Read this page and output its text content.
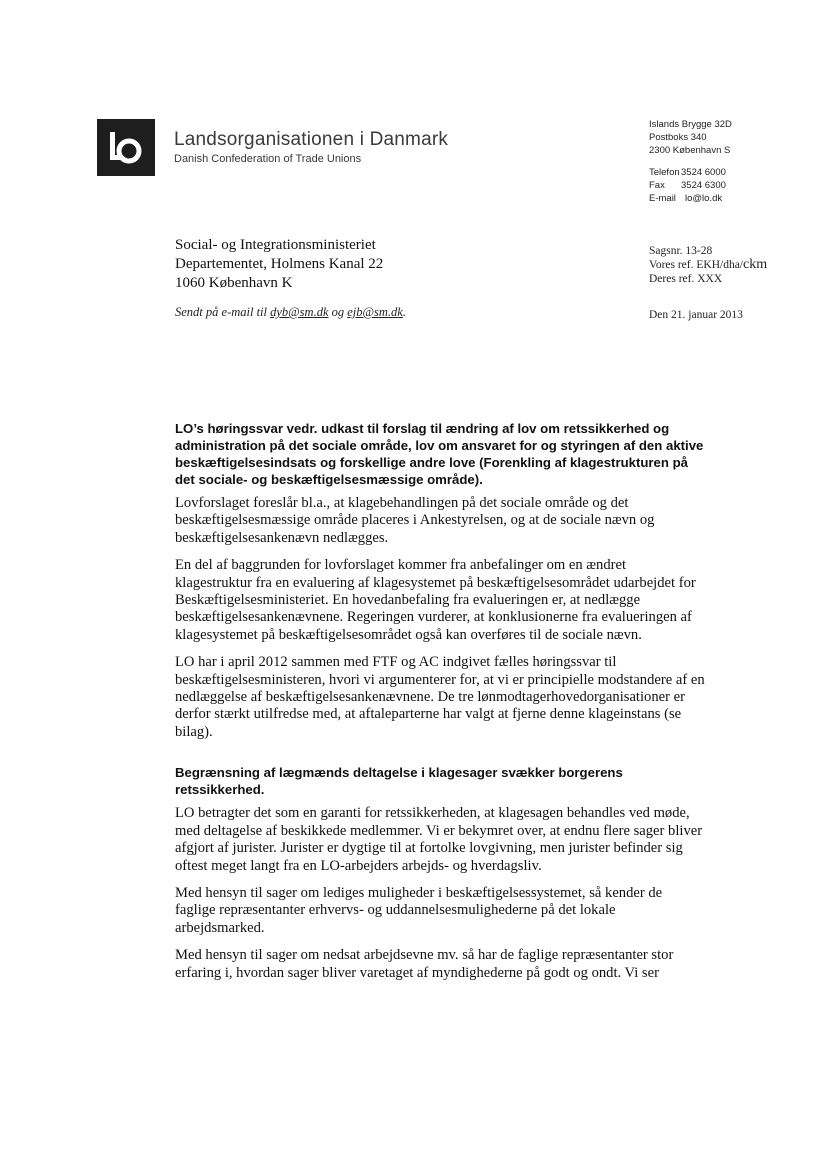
Landsorganisationen i Danmark
Danish Confederation of Trade Unions
Islands Brygge 32D
Postboks 340
2300 København S
Telefon3524 6000
Fax 3524 6300
E-mail lo@lo.dk
Social- og Integrationsministeriet
Departementet, Holmens Kanal 22
1060 København K
Sendt på e-mail til dyb@sm.dk og ejb@sm.dk.
Sagsnr. 13-28
Vores ref. EKH/dha/ckm
Deres ref. XXX
Den 21. januar 2013
LO’s høringssvar vedr. udkast til forslag til ændring af lov om retssikkerhed og administration på det sociale område, lov om ansvaret for og styringen af den aktive beskæftigelsesindsats og forskellige andre love (Forenkling af klagestrukturen på det sociale- og beskæftigelsesmæssige område).

Lovforslaget foreslår bl.a., at klagebehandlingen på det sociale område og det beskæftigelsesmæssige område placeres i Ankestyrelsen, og at de sociale nævn og beskæftigelsesankenævn nedlægges.

En del af baggrunden for lovforslaget kommer fra anbefalinger om en ændret klagestruktur fra en evaluering af klagesystemet på beskæftigelsesområdet udarbejdet for Beskæftigelsesministeriet. En hovedanbefaling fra evalueringen er, at nedlægge beskæftigelsesankenævnene. Regeringen vurderer, at konklusionerne fra evalueringen af klagesystemet på beskæftigelsesområdet også kan overføres til de sociale nævn.

LO har i april 2012 sammen med FTF og AC indgivet fælles høringssvar til beskæftigelsesministeren, hvori vi argumenterer for, at vi er principielle modstandere af en nedlæggelse af beskæftigelsesankenævnene. De tre lønmodtagerhovedorganisationer er derfor stærkt utilfredse med, at aftaleparterne har valgt at fjerne denne klageinstans (se bilag).

Begrænsning af lægmænds deltagelse i klagesager svækker borgerens retssikkerhed.

LO betragter det som en garanti for retssikkerheden, at klagesagen behandles ved møde, med deltagelse af beskikkede medlemmer. Vi er bekymret over, at endnu flere sager bliver afgjort af jurister. Jurister er dygtige til at fortolke lovgivning, men jurister befinder sig oftest meget langt fra en LO-arbejders arbejds- og hverdagsliv.

Med hensyn til sager om lediges muligheder i beskæftigelsessystemet, så kender de faglige repræsentanter erhvervs- og uddannelsesmulighederne på det lokale arbejdsmarked.

Med hensyn til sager om nedsat arbejdsevne mv. så har de faglige repræsentanter stor erfaring i, hvordan sager bliver varetaget af myndighederne på godt og ondt. Vi ser
